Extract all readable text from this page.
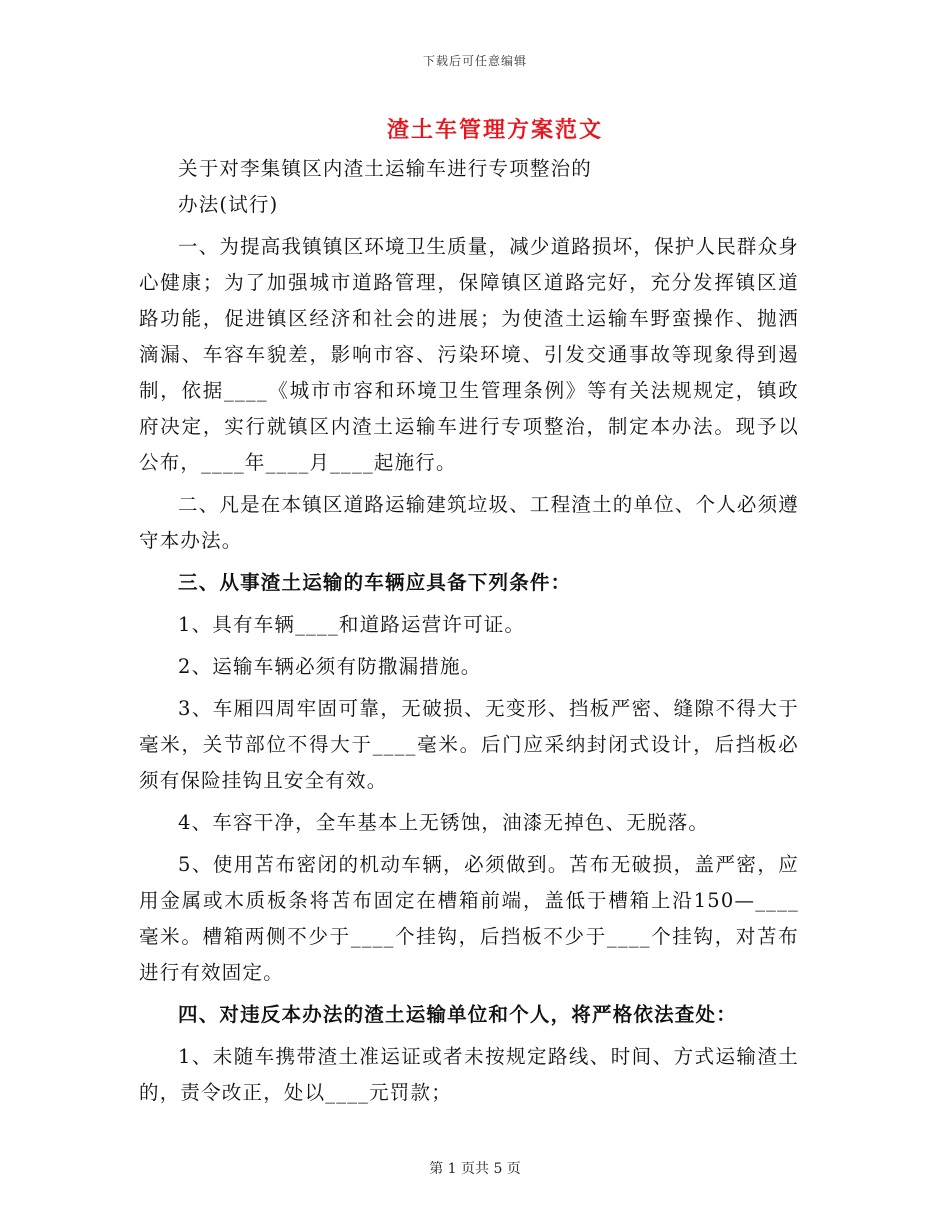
下载后可任意编辑
渣土车管理方案范文

关于对李集镇区内渣土运输车进行专项整治的

办法(试行)

一、为提高我镇镇区环境卫生质量，减少道路损坏，保护人民群众身心健康；为了加强城市道路管理，保障镇区道路完好，充分发挥镇区道路功能，促进镇区经济和社会的进展；为使渣土运输车野蛮操作、抛洒滴漏、车容车貌差，影响市容、污染环境、引发交通事故等现象得到遏制，依据____《城市市容和环境卫生管理条例》等有关法规规定，镇政府决定，实行就镇区内渣土运输车进行专项整治，制定本办法。现予以公布，____年____月____起施行。

二、凡是在本镇区道路运输建筑垃圾、工程渣土的单位、个人必须遵守本办法。

三、从事渣土运输的车辆应具备下列条件：

1、具有车辆____和道路运营许可证。

2、运输车辆必须有防撒漏措施。

3、车厢四周牢固可靠，无破损、无变形、挡板严密、缝隙不得大于毫米，关节部位不得大于____毫米。后门应采纳封闭式设计，后挡板必须有保险挂钩且安全有效。

4、车容干净，全车基本上无锈蚀，油漆无掉色、无脱落。

5、使用苫布密闭的机动车辆，必须做到。苫布无破损，盖严密，应用金属或木质板条将苫布固定在槽箱前端，盖低于槽箱上沿150—____毫米。槽箱两侧不少于____个挂钩，后挡板不少于____个挂钩，对苫布进行有效固定。

四、对违反本办法的渣土运输单位和个人，将严格依法查处：

1、未随车携带渣土准运证或者未按规定路线、时间、方式运输渣土的，责令改正，处以____元罚款；

第 1 页共 5 页
